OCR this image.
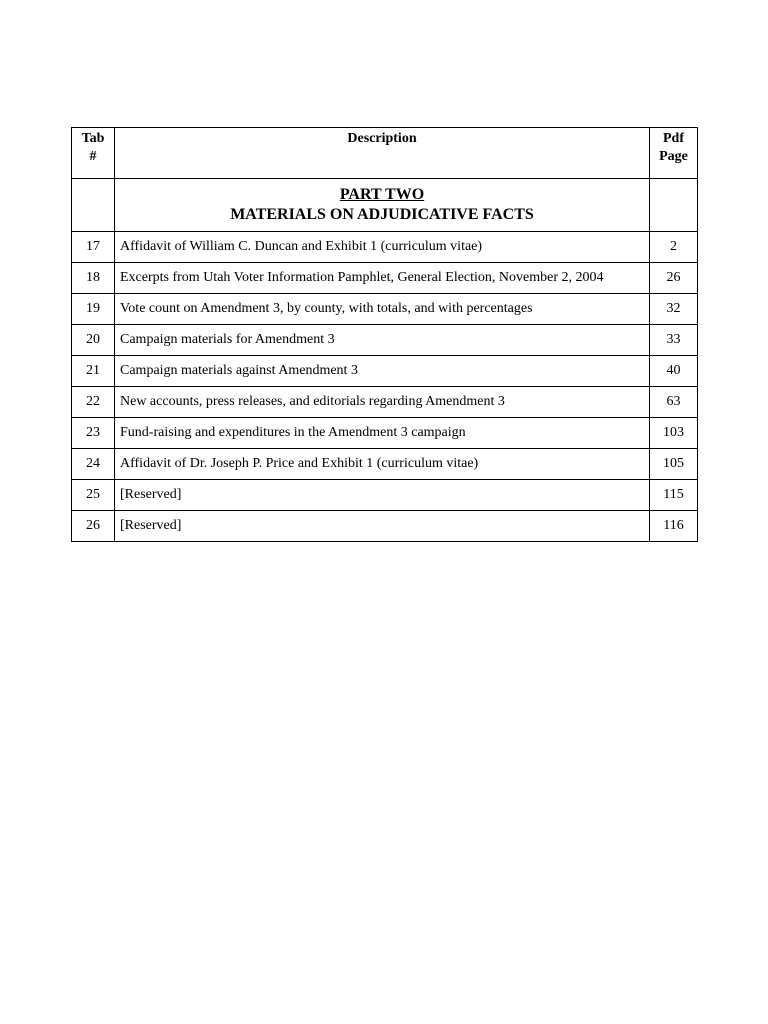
Tab #	Description	Pdf Page

	PART TWO
MATERIALS ON ADJUDICATIVE FACTS	

17	Affidavit of William C. Duncan and Exhibit 1 (curriculum vitae)	2
18	Excerpts from Utah Voter Information Pamphlet, General Election, November 2, 2004	26
19	Vote count on Amendment 3, by county, with totals, and with percentages	32
20	Campaign materials for Amendment 3	33
21	Campaign materials against Amendment 3	40
22	New accounts, press releases, and editorials regarding Amendment 3	63
23	Fund-raising and expenditures in the Amendment 3 campaign	103
24	Affidavit of Dr. Joseph P. Price and Exhibit 1 (curriculum vitae)	105
25	[Reserved]	115
26	[Reserved]	116
